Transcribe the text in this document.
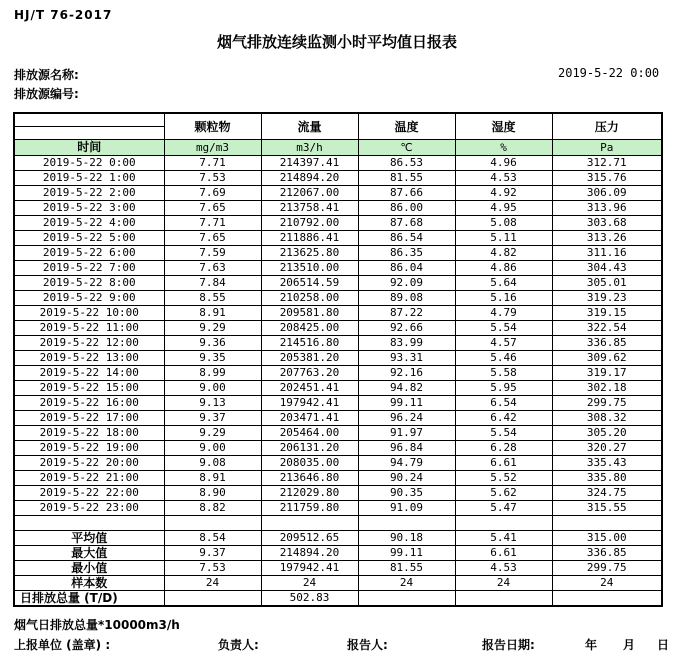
HJ/T 76-2017
烟气排放连续监测小时平均值日报表
排放源名称:
排放源编号:
2019-5-22 0:00
	颗粒物	流量	温度	湿度	压力

时间	mg/m3	m3/h	℃	%	Pa
2019-5-22 0:00	7.71	214397.41	86.53	4.96	312.71
2019-5-22 1:00	7.53	214894.20	81.55	4.53	315.76
2019-5-22 2:00	7.69	212067.00	87.66	4.92	306.09
2019-5-22 3:00	7.65	213758.41	86.00	4.95	313.96
2019-5-22 4:00	7.71	210792.00	87.68	5.08	303.68
2019-5-22 5:00	7.65	211886.41	86.54	5.11	313.26
2019-5-22 6:00	7.59	213625.80	86.35	4.82	311.16
2019-5-22 7:00	7.63	213510.00	86.04	4.86	304.43
2019-5-22 8:00	7.84	206514.59	92.09	5.64	305.01
2019-5-22 9:00	8.55	210258.00	89.08	5.16	319.23
2019-5-22 10:00	8.91	209581.80	87.22	4.79	319.15
2019-5-22 11:00	9.29	208425.00	92.66	5.54	322.54
2019-5-22 12:00	9.36	214516.80	83.99	4.57	336.85
2019-5-22 13:00	9.35	205381.20	93.31	5.46	309.62
2019-5-22 14:00	8.99	207763.20	92.16	5.58	319.17
2019-5-22 15:00	9.00	202451.41	94.82	5.95	302.18
2019-5-22 16:00	9.13	197942.41	99.11	6.54	299.75
2019-5-22 17:00	9.37	203471.41	96.24	6.42	308.32
2019-5-22 18:00	9.29	205464.00	91.97	5.54	305.20
2019-5-22 19:00	9.00	206131.20	96.84	6.28	320.27
2019-5-22 20:00	9.08	208035.00	94.79	6.61	335.43
2019-5-22 21:00	8.91	213646.80	90.24	5.52	335.80
2019-5-22 22:00	8.90	212029.80	90.35	5.62	324.75
2019-5-22 23:00	8.82	211759.80	91.09	5.47	315.55

平均值	8.54	209512.65	90.18	5.41	315.00
最大值	9.37	214894.20	99.11	6.61	336.85
最小值	7.53	197942.41	81.55	4.53	299.75
样本数	24	24	24	24	24
日排放总量 (T/D)		502.83			
烟气日排放总量*10000m3/h
上报单位 (盖章) :	负责人:	报告人:	报告日期:	年 月 日
